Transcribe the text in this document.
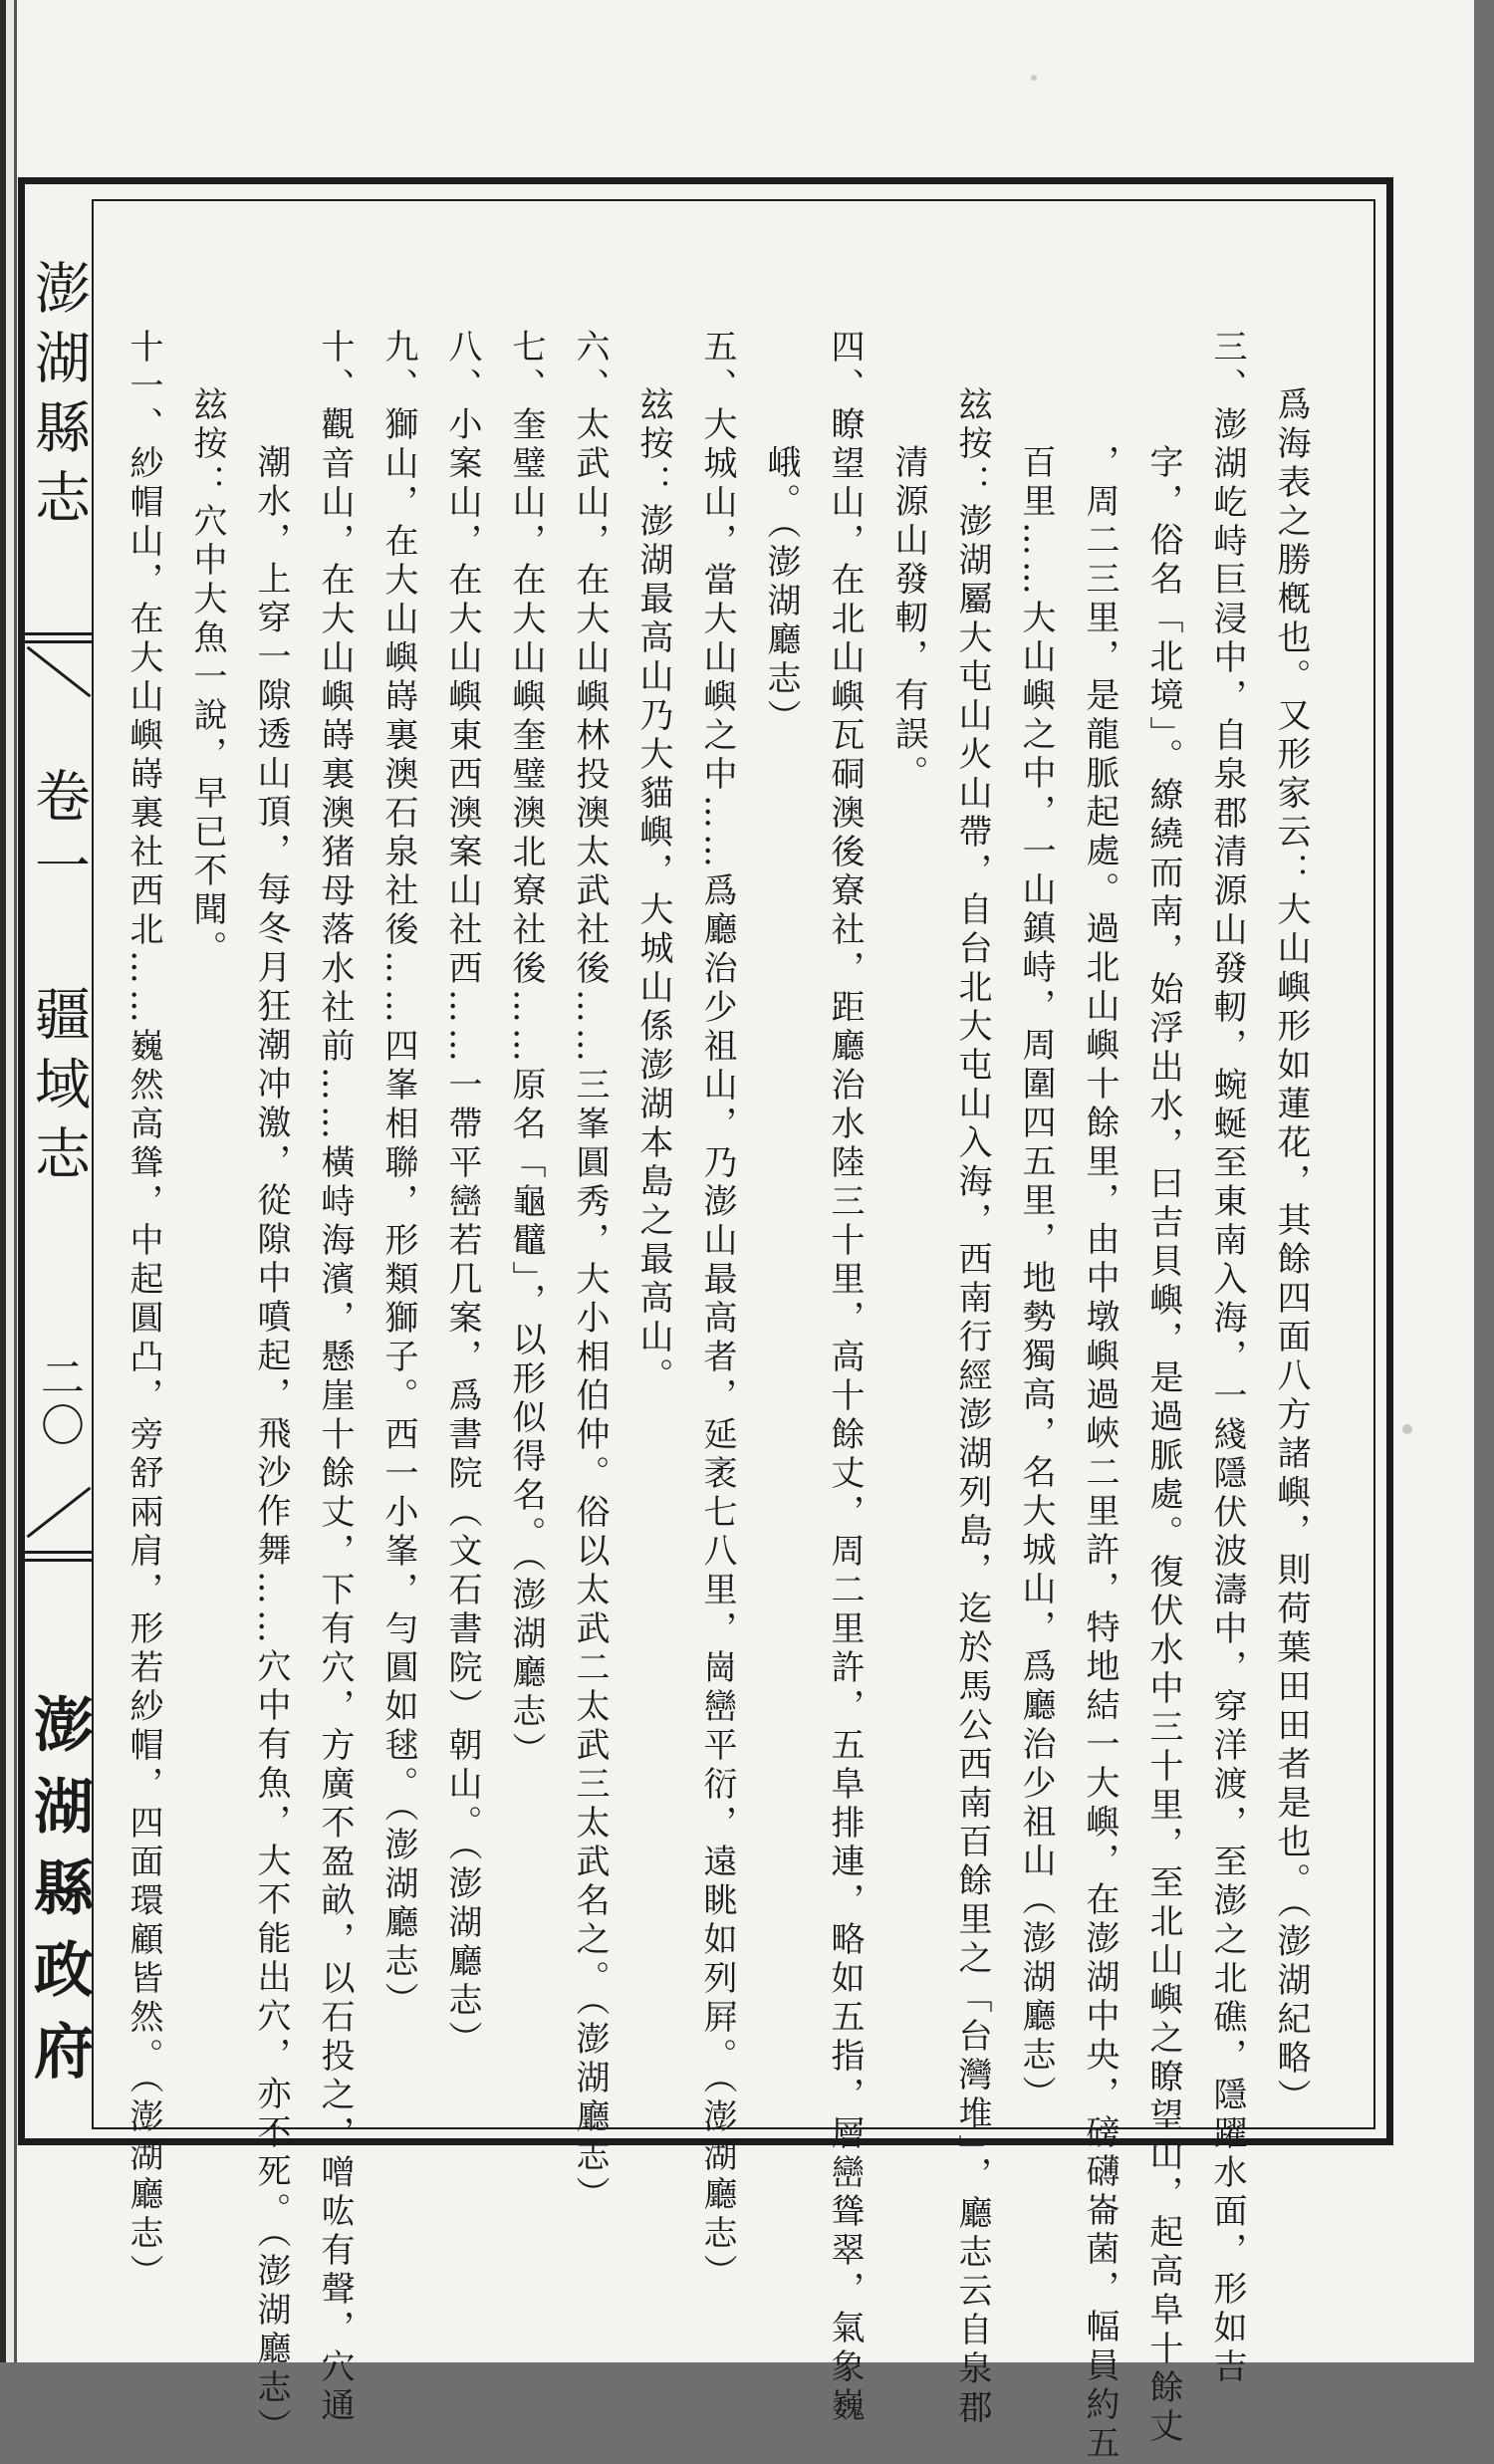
澎湖縣志
卷一 疆域志
二〇
澎湖縣政府	爲海表之勝槪也。又形家云：大山嶼形如蓮花，其餘四面八方諸嶼，則荷葉田田者是也。（澎湖紀略）
三、澎湖屹峙巨浸中，自泉郡清源山發軔，蜿蜒至東南入海，一綫隱伏波濤中，穿洋渡，至澎之北礁，隱躍水面，形如吉
字，俗名「北境」。繚繞而南，始浮出水，曰吉貝嶼，是過脈處。復伏水中三十里，至北山嶼之瞭望山，起高阜十餘丈
，周二三里，是龍脈起處。過北山嶼十餘里，由中墩嶼過峽二里許，特地結一大嶼，在澎湖中央，磅礴崙菌，幅員約五
百里……大山嶼之中，一山鎮峙，周圍四五里，地勢獨高，名大城山，爲廳治少祖山（澎湖廳志）
玆按：澎湖屬大屯山火山帶，自台北大屯山入海，西南行經澎湖列島，迄於馬公西南百餘里之「台灣堆」，廳志云自泉郡
清源山發軔，有誤。
四、瞭望山，在北山嶼瓦硐澳後寮社，距廳治水陸三十里，高十餘丈，周二里許，五阜排連，略如五指，層巒聳翠，氣象巍
峨。（澎湖廳志）
五、大城山，當大山嶼之中……爲廳治少祖山，乃澎山最高者，延袤七八里，崗巒平衍，遠眺如列屛。（澎湖廳志）
玆按：澎湖最高山乃大貓嶼，大城山係澎湖本島之最高山。
六、太武山，在大山嶼林投澳太武社後……三峯圓秀，大小相伯仲。俗以太武二太武三太武名之。（澎湖廳志）
七、奎璧山，在大山嶼奎璧澳北寮社後……原名「龜鼊」，以形似得名。（澎湖廳志）
八、小案山，在大山嶼東西澳案山社西……一帶平巒若几案，爲書院（文石書院）朝山。（澎湖廳志）
九、獅山，在大山嶼嵵裏澳石泉社後……四峯相聯，形類獅子。西一小峯，勻圓如毬。（澎湖廳志）
十、觀音山，在大山嶼嵵裏澳猪母落水社前……橫峙海濱，懸崖十餘丈，下有穴，方廣不盈畝，以石投之，噌吰有聲，穴通
潮水，上穿一隙透山頂，每冬月狂潮冲激，從隙中噴起，飛沙作舞……穴中有魚，大不能出穴，亦不死。（澎湖廳志）
玆按：穴中大魚一說，早已不聞。
十一、紗帽山，在大山嶼嵵裏社西北……巍然高聳，中起圓凸，旁舒兩肩，形若紗帽，四面環顧皆然。（澎湖廳志）
